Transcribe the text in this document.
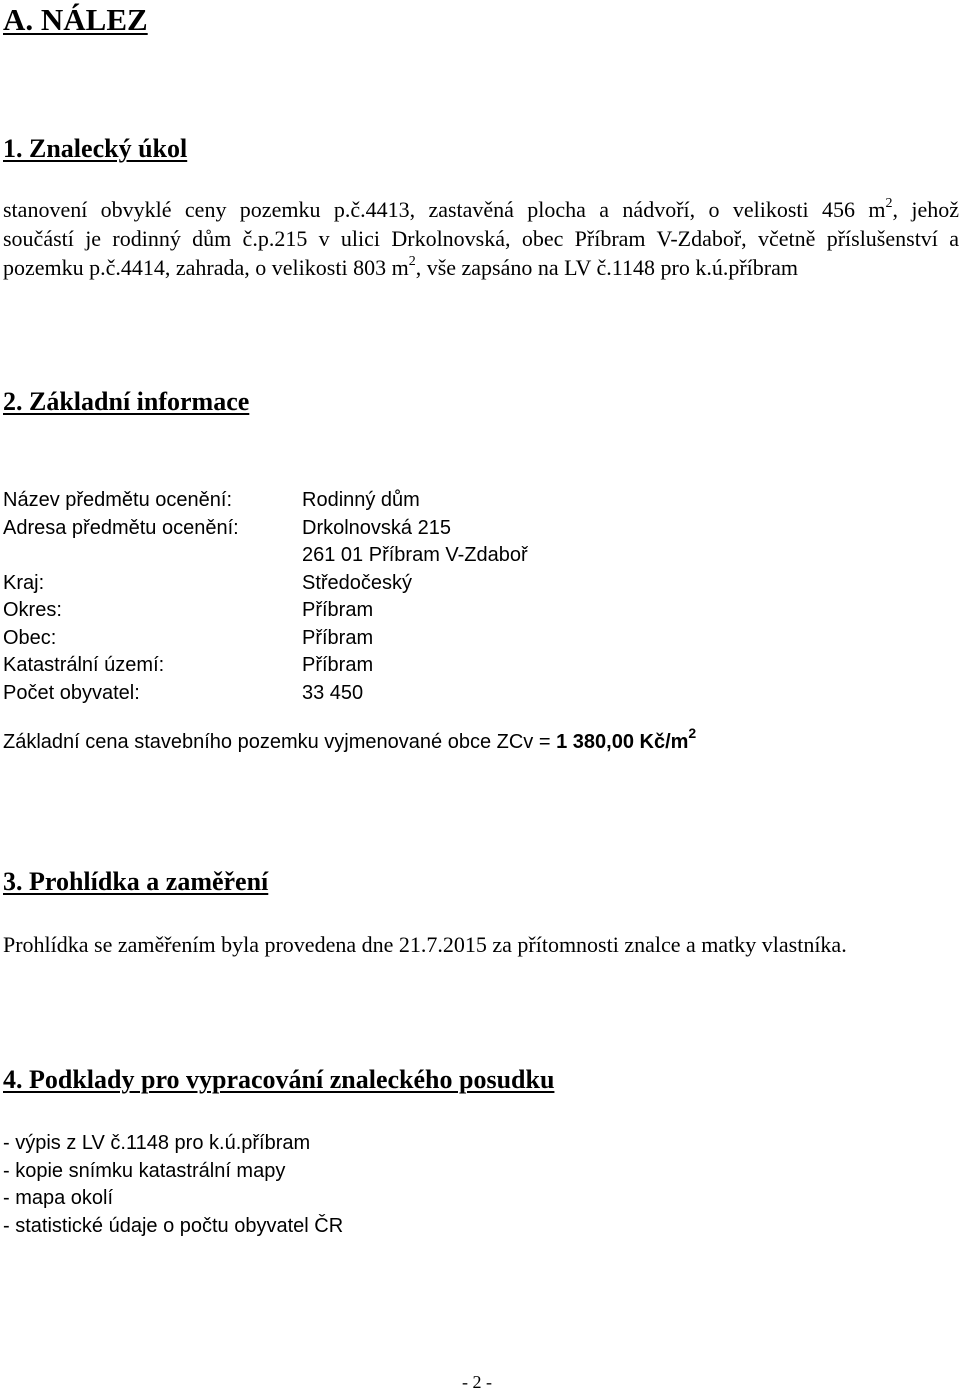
A. NÁLEZ
1. Znalecký úkol
stanovení obvyklé ceny pozemku p.č.4413, zastavěná plocha a nádvoří, o velikosti 456 $m^2$, jehož
součástí je rodinný dům č.p.215 v ulici Drkolnovská, obec Příbram V-Zdaboř, včetně příslušenství a
pozemku p.č.4414, zahrada, o velikosti 803 $m^2$, vše zapsáno na LV č.1148 pro k.ú.příbram
2. Základní informace
Název předmětu ocenění:	Rodinný dům
Adresa předmětu ocenění:	Drkolnovská 215
261 01 Příbram V-Zdaboř
Kraj:	Středočeský
Okres:	Příbram
Obec:	Příbram
Katastrální území:	Příbram
Počet obyvatel:	33 450
Základní cena stavebního pozemku vyjmenované obce ZCv = 1 380,00 $Kč/m^2$
3. Prohlídka a zaměření
Prohlídka se zaměřením byla provedena dne 21.7.2015 za přítomnosti znalce a matky vlastníka.
4. Podklady pro vypracování znaleckého posudku
- výpis z LV č.1148 pro k.ú.příbram
- kopie snímku katastrální mapy
- mapa okolí
- statistické údaje o počtu obyvatel ČR
- 2 -
